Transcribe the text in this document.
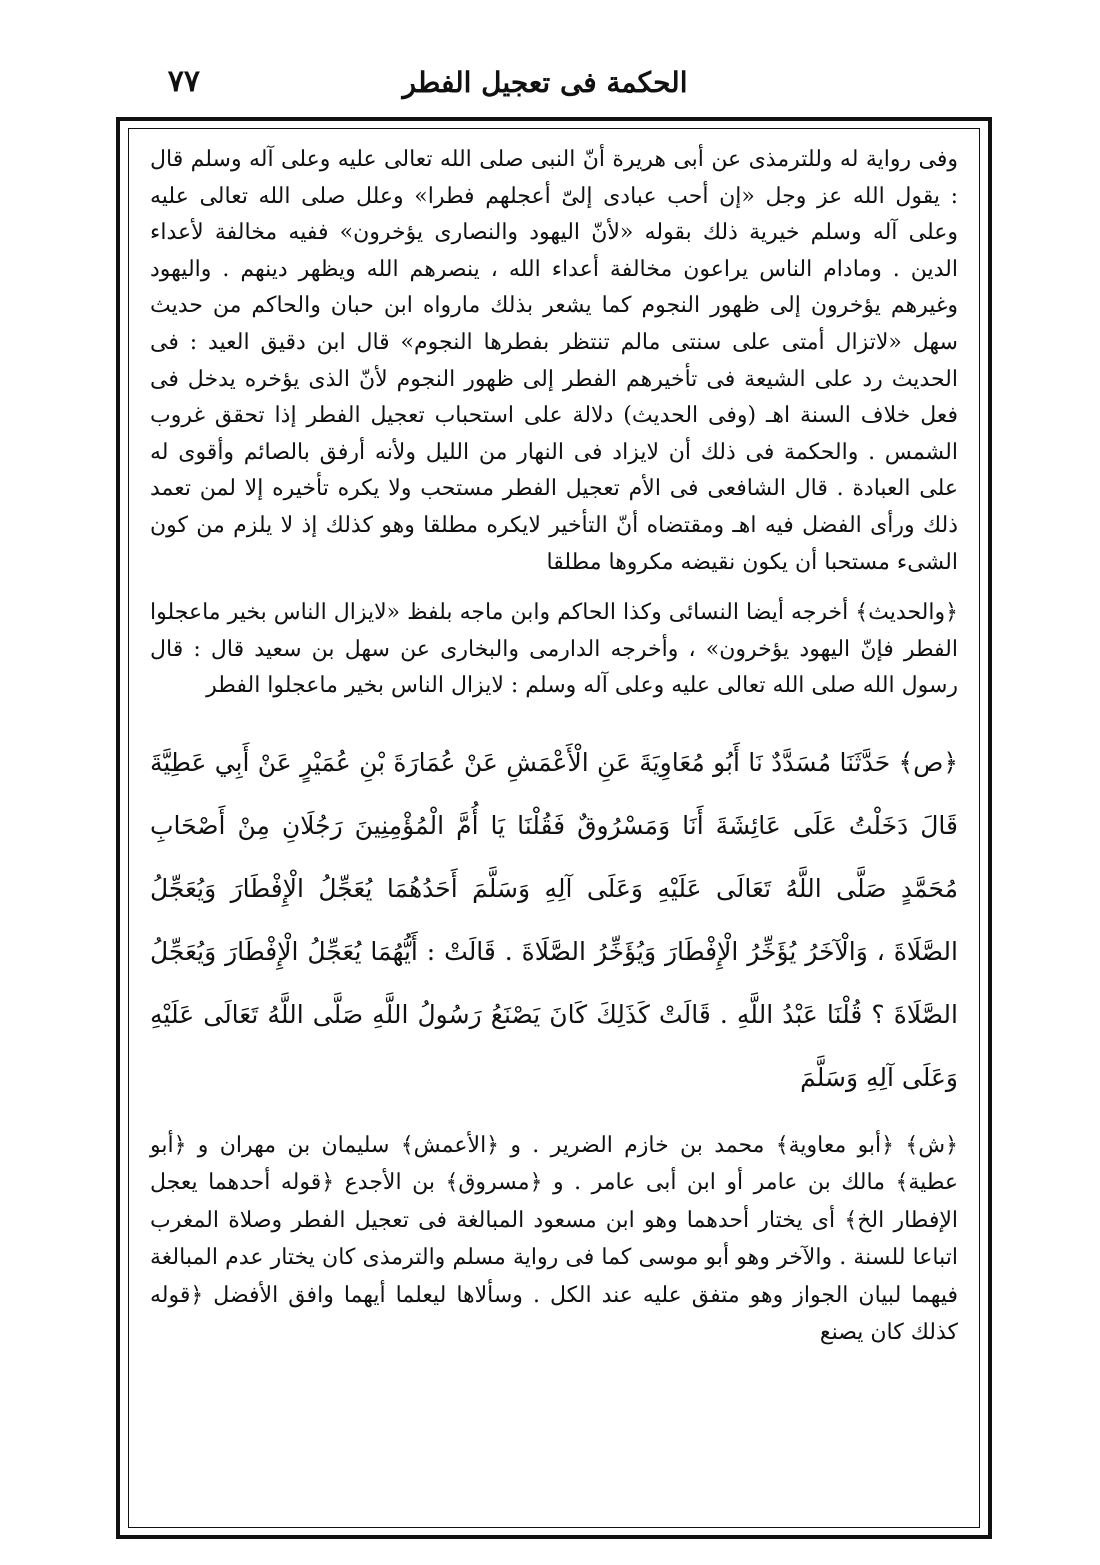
الحكمة فى تعجيل الفطر
٧٧

وفى رواية له وللترمذى عن أبى هريرة أنّ النبى صلى الله تعالى عليه وعلى آله وسلم قال : يقول الله عز وجل «إن أحب عبادى إلىّ أعجلهم فطرا» وعلل صلى الله تعالى عليه وعلى آله وسلم خيرية ذلك بقوله «لأنّ اليهود والنصارى يؤخرون» ففيه مخالفة لأعداء الدين . ومادام الناس يراعون مخالفة أعداء الله ، ينصرهم الله ويظهر دينهم . واليهود وغيرهم يؤخرون إلى ظهور النجوم كما يشعر بذلك مارواه ابن حبان والحاكم من حديث سهل «لاتزال أمتى على سنتى مالم تنتظر بفطرها النجوم» قال ابن دقيق العيد : فى الحديث رد على الشيعة فى تأخيرهم الفطر إلى ظهور النجوم لأنّ الذى يؤخره يدخل فى فعل خلاف السنة اهـ (وفى الحديث) دلالة على استحباب تعجيل الفطر إذا تحقق غروب الشمس . والحكمة فى ذلك أن لايزاد فى النهار من الليل ولأنه أرفق بالصائم وأقوى له على العبادة . قال الشافعى فى الأم تعجيل الفطر مستحب ولا يكره تأخيره إلا لمن تعمد ذلك ورأى الفضل فيه اهـ ومقتضاه أنّ التأخير لايكره مطلقا وهو كذلك إذ لا يلزم من كون الشىء مستحبا أن يكون نقيضه مكروها مطلقا

﴿والحديث﴾ أخرجه أيضا النسائى وكذا الحاكم وابن ماجه بلفظ «لايزال الناس بخير ماعجلوا الفطر فإنّ اليهود يؤخرون» ، وأخرجه الدارمى والبخارى عن سهل بن سعيد قال : قال رسول الله صلى الله تعالى عليه وعلى آله وسلم : لايزال الناس بخير ماعجلوا الفطر

﴿ص﴾ حَدَّثَنَا مُسَدَّدٌ نَا أَبُو مُعَاوِيَةَ عَنِ الْأَعْمَشِ عَنْ عُمَارَةَ بْنِ عُمَيْرٍ عَنْ أَبِي عَطِيَّةَ قَالَ دَخَلْتُ عَلَى عَائِشَةَ أَنَا وَمَسْرُوقٌ فَقُلْنَا يَا أُمَّ الْمُؤْمِنِينَ رَجُلَانِ مِنْ أَصْحَابِ مُحَمَّدٍ صَلَّى اللَّهُ تَعَالَى عَلَيْهِ وَعَلَى آلِهِ وَسَلَّمَ أَحَدُهُمَا يُعَجِّلُ الْإِفْطَارَ وَيُعَجِّلُ الصَّلَاةَ ، وَالْآخَرُ يُؤَخِّرُ الْإِفْطَارَ وَيُؤَخِّرُ الصَّلَاةَ . قَالَتْ : أَيُّهُمَا يُعَجِّلُ الْإِفْطَارَ وَيُعَجِّلُ الصَّلَاةَ ؟ قُلْنَا عَبْدُ اللَّهِ . قَالَتْ كَذَلِكَ كَانَ يَصْنَعُ رَسُولُ اللَّهِ صَلَّى اللَّهُ تَعَالَى عَلَيْهِ وَعَلَى آلِهِ وَسَلَّمَ

﴿ش﴾ ﴿أبو معاوية﴾ محمد بن خازم الضرير . و ﴿الأعمش﴾ سليمان بن مهران و ﴿أبو عطية﴾ مالك بن عامر أو ابن أبى عامر . و ﴿مسروق﴾ بن الأجدع ﴿قوله أحدهما يعجل الإفطار الخ﴾ أى يختار أحدهما وهو ابن مسعود المبالغة فى تعجيل الفطر وصلاة المغرب اتباعا للسنة . والآخر وهو أبو موسى كما فى رواية مسلم والترمذى كان يختار عدم المبالغة فيهما لبيان الجواز وهو متفق عليه عند الكل . وسألاها ليعلما أيهما وافق الأفضل ﴿قوله كذلك كان يصنع
